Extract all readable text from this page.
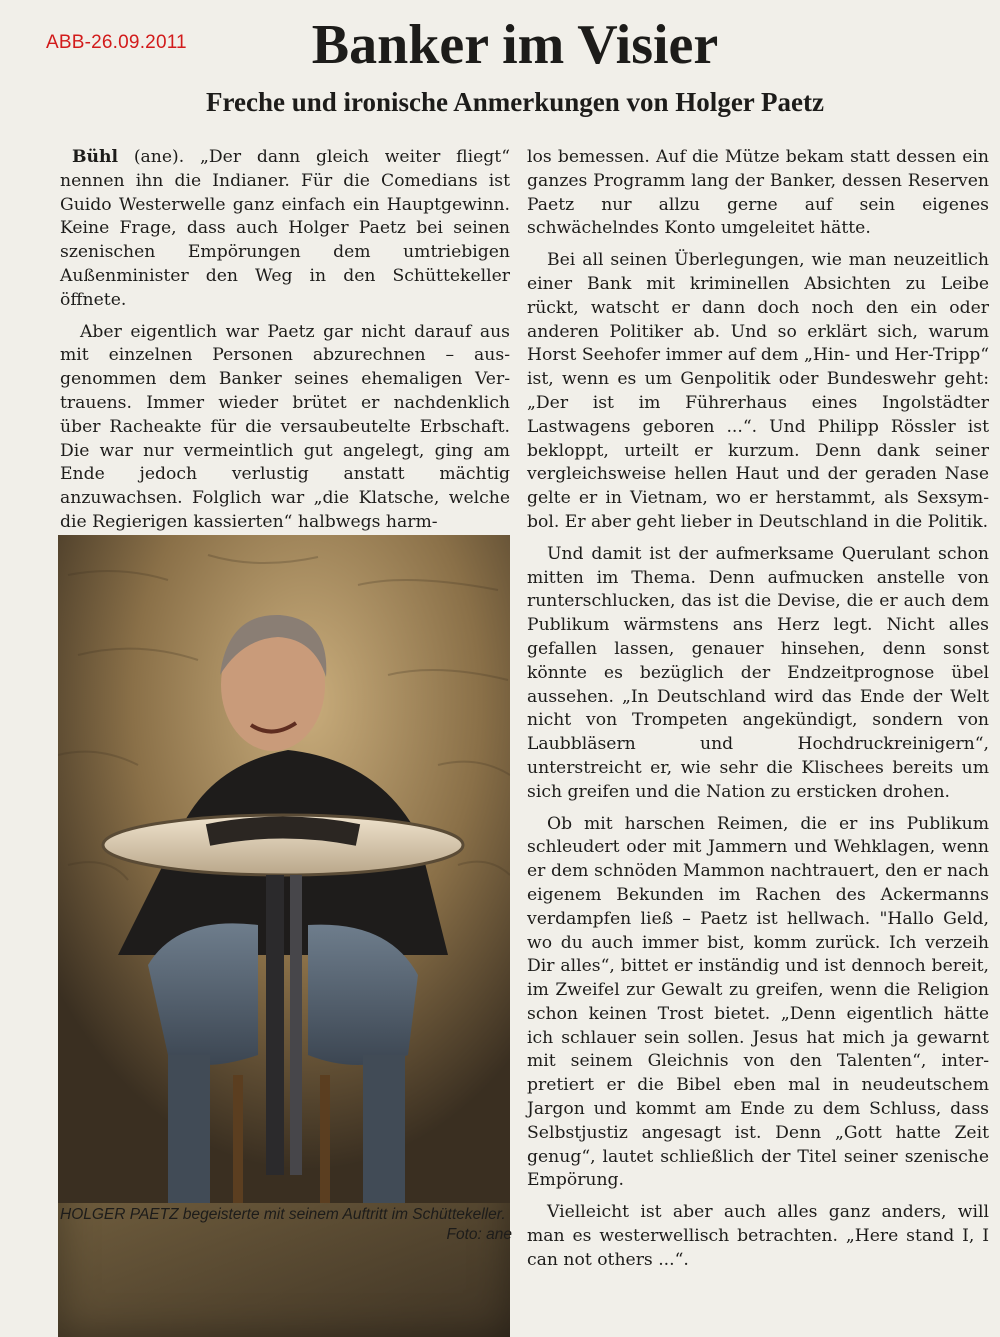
ABB-26.09.2011	Banker im Visier
Freche und ironische Anmerkungen von Holger Paetz

Bühl (ane). „Der dann gleich weiter fliegt“ nennen ihn die Indianer. Für die Comedians ist Guido Westerwelle ganz einfach ein Hauptgewinn. Keine Frage, dass auch Holger Paetz bei seinen szenischen Empörungen dem umtriebigen Außenminister den Weg in den Schüttekeller öffnete.

Aber eigentlich war Paetz gar nicht darauf aus mit einzelnen Personen abzurechnen – ausgenommen dem Banker seines ehemaligen Vertrauens. Immer wieder brütet er nachdenklich über Racheakte für die versaubeutelte Erbschaft. Die war nur vermeintlich gut angelegt, ging am Ende jedoch verlustig anstatt mächtig anzuwachsen. Folglich war „die Klatsche, welche die Regierigen kassierten“ halbwegs harm-

HOLGER PAETZ begeisterte mit seinem Auftritt im Schüttekeller.
Foto: ane

los bemessen. Auf die Mütze bekam statt dessen ein ganzes Programm lang der Banker, dessen Reserven Paetz nur allzu gerne auf sein eigenes schwächelndes Konto umgeleitet hätte.

Bei all seinen Überlegungen, wie man neuzeitlich einer Bank mit kriminellen Absichten zu Leibe rückt, watscht er dann doch noch den ein oder anderen Politiker ab. Und so erklärt sich, warum Horst Seehofer immer auf dem „Hin- und Her-Tripp“ ist, wenn es um Genpolitik oder Bundeswehr geht: „Der ist im Führerhaus eines Ingolstädter Lastwagens geboren ...“. Und Philipp Rössler ist bekloppt, urteilt er kurzum. Denn dank seiner vergleichsweise hellen Haut und der geraden Nase gelte er in Vietnam, wo er herstammt, als Sexsymbol. Er aber geht lieber in Deutschland in die Politik.

Und damit ist der aufmerksame Querulant schon mitten im Thema. Denn aufmucken anstelle von runterschlucken, das ist die Devise, die er auch dem Publikum wärmstens ans Herz legt. Nicht alles gefallen lassen, genauer hinsehen, denn sonst könnte es bezüglich der Endzeitprognose übel aussehen. „In Deutschland wird das Ende der Welt nicht von Trompeten angekündigt, sondern von Laubbläsern und Hochdruckreinigern“, unterstreicht er, wie sehr die Klischees bereits um sich greifen und die Nation zu ersticken drohen.

Ob mit harschen Reimen, die er ins Publikum schleudert oder mit Jammern und Wehklagen, wenn er dem schnöden Mammon nachtrauert, den er nach eigenem Bekunden im Rachen des Ackermanns verdampfen ließ – Paetz ist hellwach. "Hallo Geld, wo du auch immer bist, komm zurück. Ich verzeih Dir alles“, bittet er inständig und ist dennoch bereit, im Zweifel zur Gewalt zu greifen, wenn die Religion schon keinen Trost bietet. „Denn eigentlich hätte ich schlauer sein sollen. Jesus hat mich ja gewarnt mit seinem Gleichnis von den Talenten“, interpretiert er die Bibel eben mal in neudeutschem Jargon und kommt am Ende zu dem Schluss, dass Selbstjustiz angesagt ist. Denn „Gott hatte Zeit genug“, lautet schließlich der Titel seiner szenische Empörung.

Vielleicht ist aber auch alles ganz anders, will man es westerwellisch betrachten. „Here stand I, I can not others ...“.
